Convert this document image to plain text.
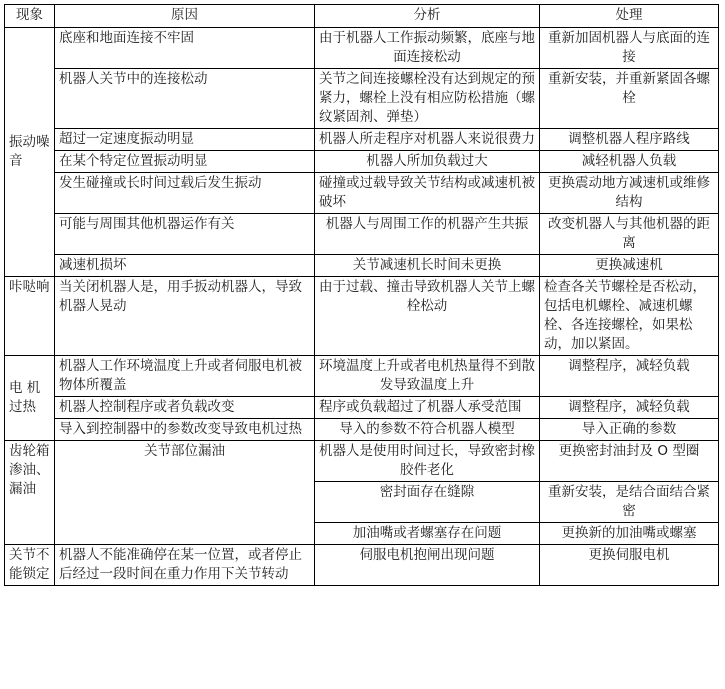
现象	原因	分析	处理
振动噪音	底座和地面连接不牢固	由于机器人工作振动频繁，底座与地面连接松动	重新加固机器人与底面的连接
	机器人关节中的连接松动	关节之间连接螺栓没有达到规定的预紧力，螺栓上没有相应防松措施（螺纹紧固剂、弹垫）	重新安装，并重新紧固各螺栓
	超过一定速度振动明显	机器人所走程序对机器人来说很费力	调整机器人程序路线
	在某个特定位置振动明显	机器人所加负载过大	减轻机器人负载
	发生碰撞或长时间过载后发生振动	碰撞或过载导致关节结构或减速机被破坏	更换震动地方减速机或维修结构
	可能与周围其他机器运作有关	机器人与周围工作的机器产生共振	改变机器人与其他机器的距离
	减速机损坏	关节减速机长时间未更换	更换减速机
咔哒响	当关闭机器人是，用手扳动机器人，导致机器人晃动	由于过载、撞击导致机器人关节上螺栓松动	检查各关节螺栓是否松动，包括电机螺栓、减速机螺栓、各连接螺栓，如果松动，加以紧固。
电 机过热	机器人工作环境温度上升或者伺服电机被物体所覆盖	环境温度上升或者电机热量得不到散发导致温度上升	调整程序，减轻负载
	机器人控制程序或者负载改变	程序或负载超过了机器人承受范围	调整程序，减轻负载
	导入到控制器中的参数改变导致电机过热	导入的参数不符合机器人模型	导入正确的参数
齿轮箱渗油、漏油	关节部位漏油	机器人是使用时间过长，导致密封橡胶件老化	更换密封油封及 O 型圈
		密封面存在缝隙	重新安装，是结合面结合紧密
		加油嘴或者螺塞存在问题	更换新的加油嘴或螺塞
关节不能锁定	机器人不能准确停在某一位置，或者停止后经过一段时间在重力作用下关节转动	伺服电机抱闸出现问题	更换伺服电机
